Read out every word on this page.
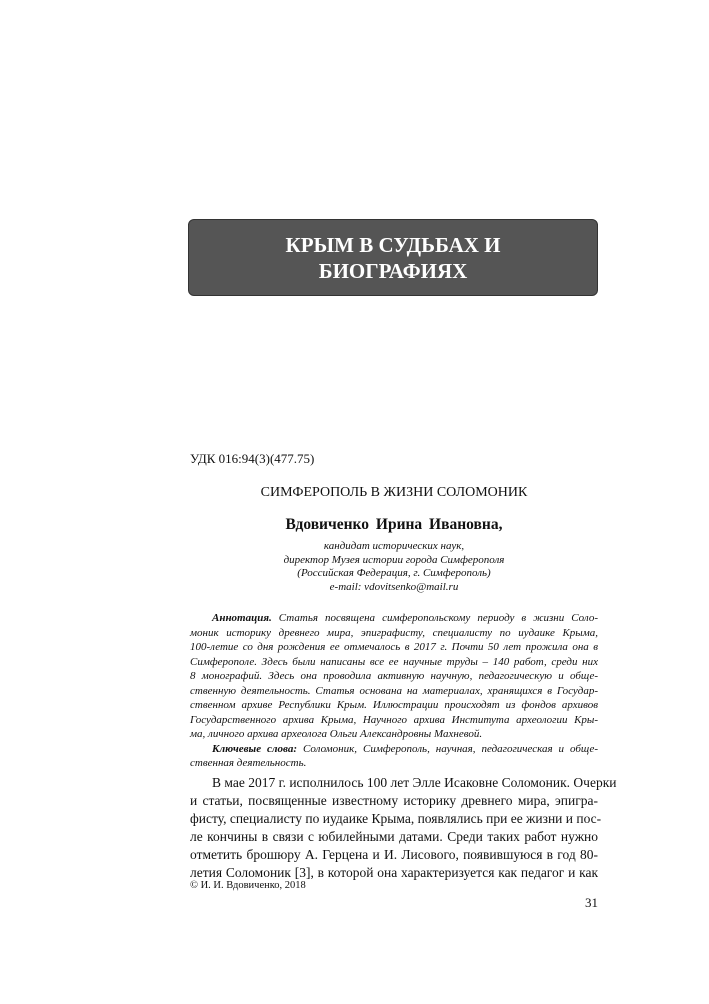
КРЫМ В СУДЬБАХ И
БИОГРАФИЯХ
УДК 016:94(3)(477.75)
СИМФЕРОПОЛЬ В ЖИЗНИ СОЛОМОНИК
Вдовиченко Ирина Ивановна,
кандидат исторических наук,
директор Музея истории города Симферополя
(Российская Федерация, г. Симферополь)
e-mail: vdovitsenko@mail.ru
Аннотация. Статья посвящена симферопольскому периоду в жизни Соло-
моник историку древнего мира, эпиграфисту, специалисту по иудаике Крыма,
100-летие со дня рождения ее отмечалось в 2017 г. Почти 50 лет прожила она в
Симферополе. Здесь были написаны все ее научные труды – 140 работ, среди них
8 монографий. Здесь она проводила активную научную, педагогическую и обще-
ственную деятельность. Статья основана на материалах, хранящихся в Государ-
ственном архиве Республики Крым. Иллюстрации происходят из фондов архивов
Государственного архива Крыма, Научного архива Института археологии Кры-
ма, личного архива археолога Ольги Александровны Махневой.
Ключевые слова: Соломоник, Симферополь, научная, педагогическая и обще-
ственная деятельность.
В мае 2017 г. исполнилось 100 лет Элле Исаковне Соломоник. Очерки
и статьи, посвященные известному историку древнего мира, эпигра-
фисту, специалисту по иудаике Крыма, появлялись при ее жизни и пос-
ле кончины в связи с юбилейными датами. Среди таких работ нужно
отметить брошюру А. Герцена и И. Лисового, появившуюся в год 80-
летия Соломоник [3], в которой она характеризуется как педагог и как
© И. И. Вдовиченко, 2018
31
